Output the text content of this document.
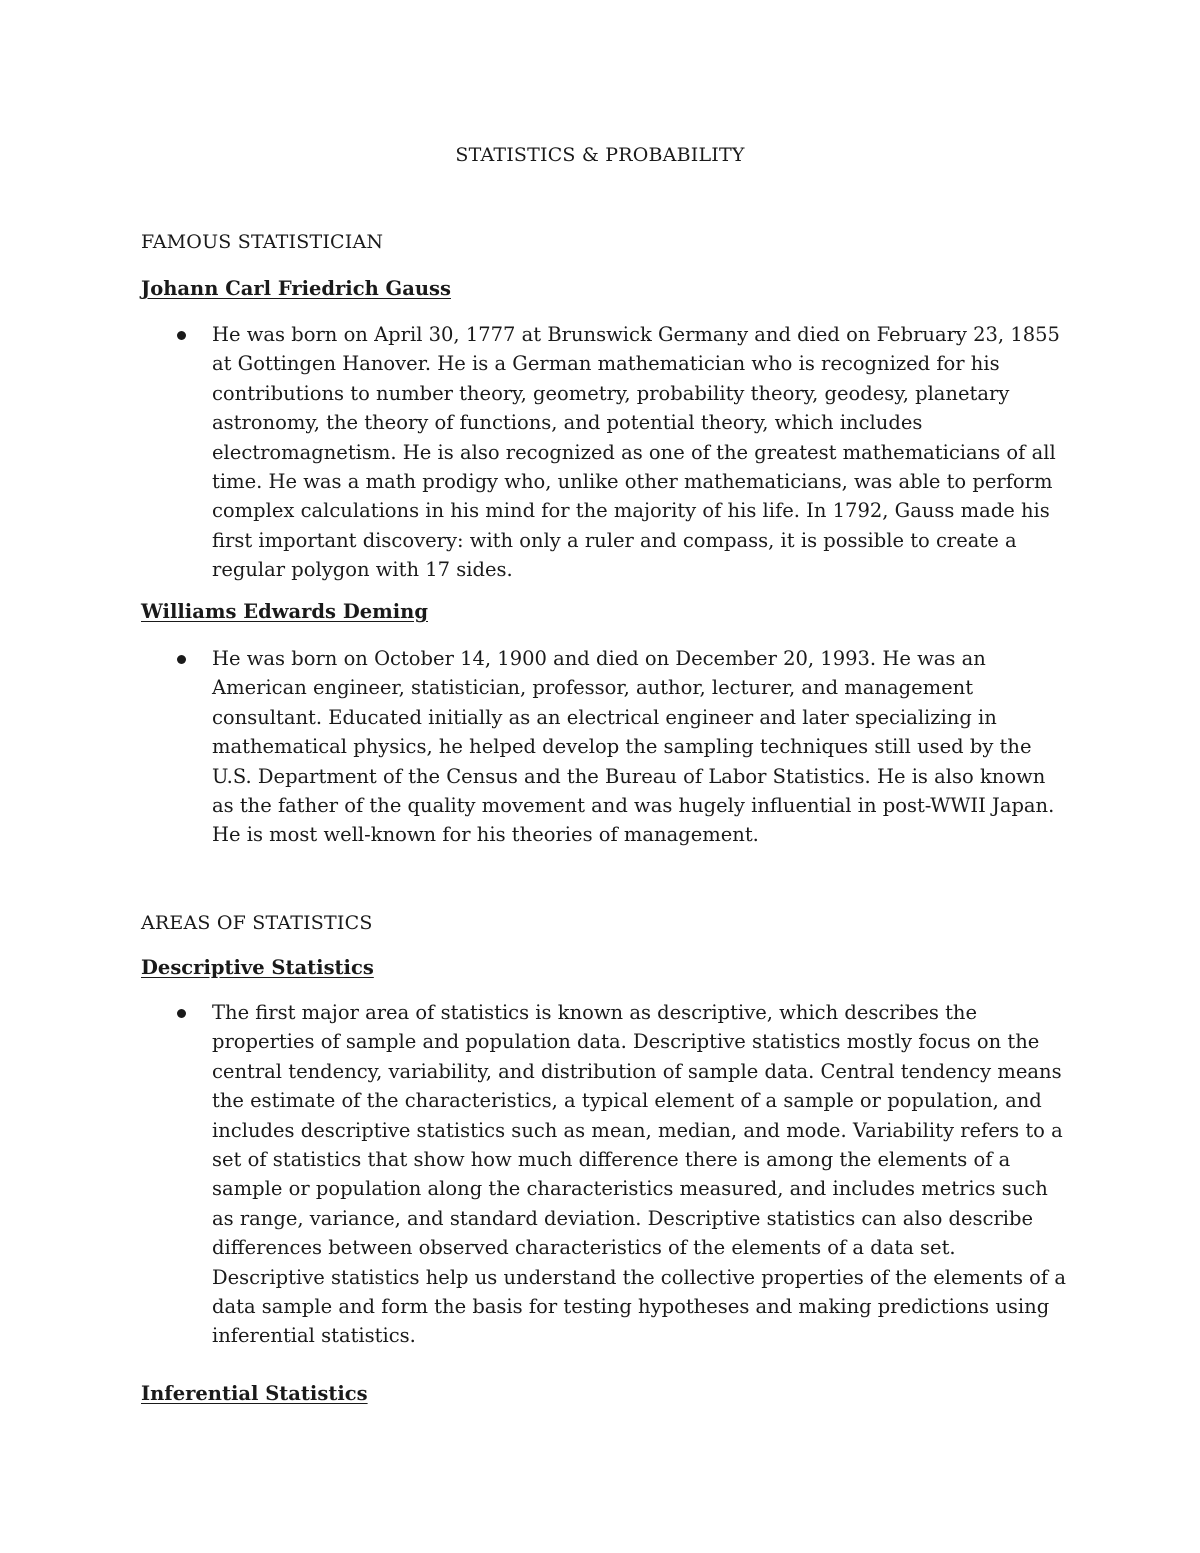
STATISTICS & PROBABILITY
FAMOUS STATISTICIAN
Johann Carl Friedrich Gauss

He was born on April 30, 1777 at Brunswick Germany and died on February 23, 1855 at Gottingen Hanover. He is a German mathematician who is recognized for his contributions to number theory, geometry, probability theory, geodesy, planetary astronomy, the theory of functions, and potential theory, which includes electromagnetism. He is also recognized as one of the greatest mathematicians of all time. He was a math prodigy who, unlike other mathematicians, was able to perform complex calculations in his mind for the majority of his life. In 1792, Gauss made his first important discovery: with only a ruler and compass, it is possible to create a regular polygon with 17 sides.

Williams Edwards Deming

He was born on October 14, 1900 and died on December 20, 1993. He was an American engineer, statistician, professor, author, lecturer, and management consultant. Educated initially as an electrical engineer and later specializing in mathematical physics, he helped develop the sampling techniques still used by the U.S. Department of the Census and the Bureau of Labor Statistics. He is also known as the father of the quality movement and was hugely influential in post-WWII Japan. He is most well-known for his theories of management.

AREAS OF STATISTICS
Descriptive Statistics

The first major area of statistics is known as descriptive, which describes the properties of sample and population data. Descriptive statistics mostly focus on the central tendency, variability, and distribution of sample data. Central tendency means the estimate of the characteristics, a typical element of a sample or population, and includes descriptive statistics such as mean, median, and mode. Variability refers to a set of statistics that show how much difference there is among the elements of a sample or population along the characteristics measured, and includes metrics such as range, variance, and standard deviation. Descriptive statistics can also describe differences between observed characteristics of the elements of a data set. Descriptive statistics help us understand the collective properties of the elements of a data sample and form the basis for testing hypotheses and making predictions using inferential statistics.

Inferential Statistics
